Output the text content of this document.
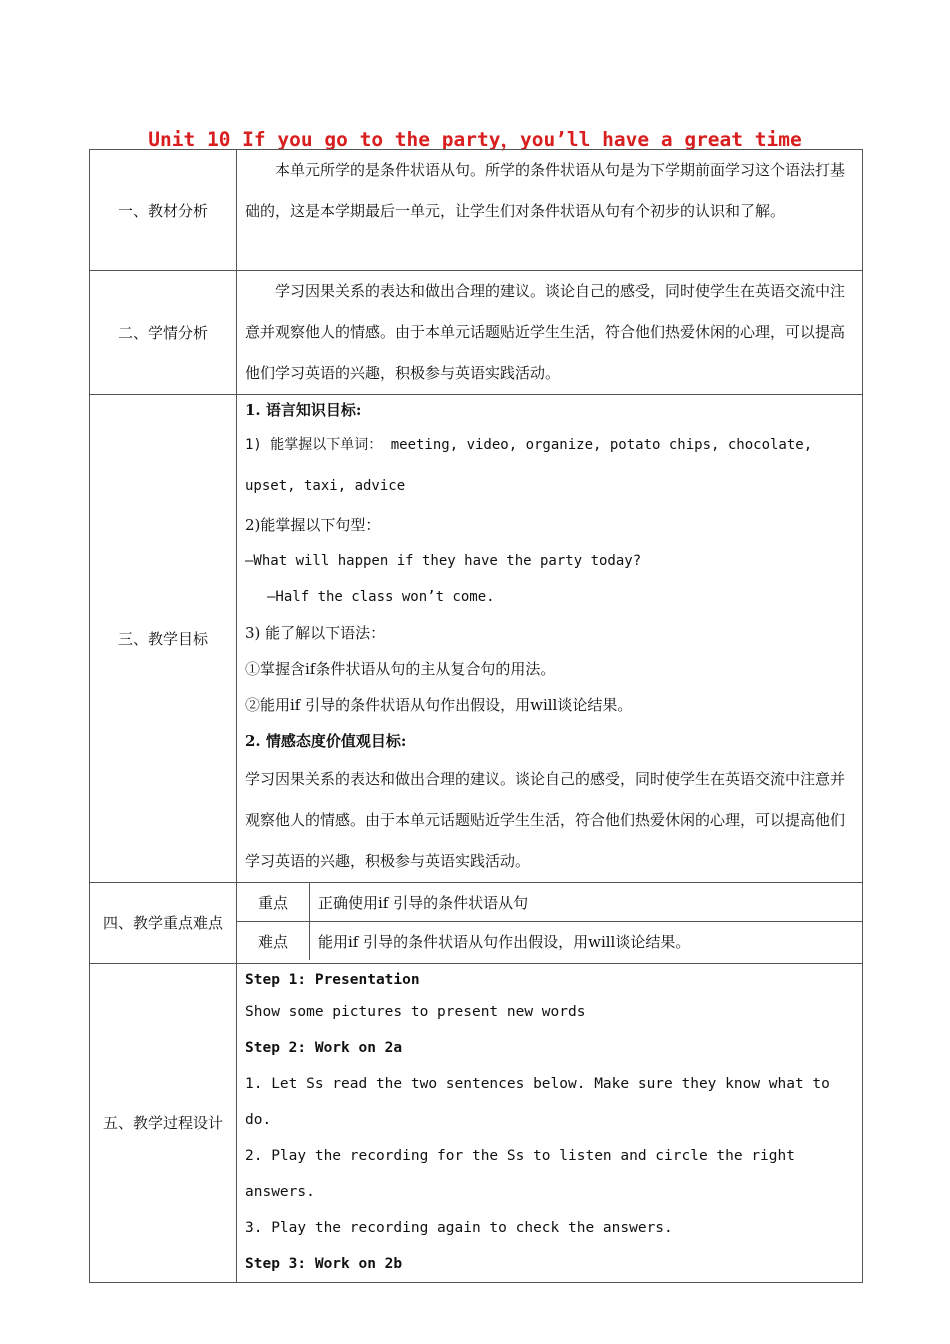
Unit 10 If you go to the party，you’ll have a great time
一、教材分析	

本单元所学的是条件状语从句。所学的条件状语从句是为下学期前面学习这个语法打基础的，这是本学期最后一单元，让学生们对条件状语从句有个初步的认识和了解。

二、学情分析	

学习因果关系的表达和做出合理的建议。谈论自己的感受，同时使学生在英语交流中注意并观察他人的情感。由于本单元话题贴近学生生活，符合他们热爱休闲的心理，可以提高他们学习英语的兴趣，积极参与英语实践活动。

三、教学目标	

1. 语言知识目标:

1) 能掌握以下单词： meeting, video, organize, potato chips, chocolate, upset, taxi, advice

2)能掌握以下句型：

—What will happen if they have the party today?

—Half the class won’t come.

3) 能了解以下语法：

①掌握含if条件状语从句的主从复合句的用法。

②能用if 引导的条件状语从句作出假设，用will谈论结果。

2. 情感态度价值观目标:

学习因果关系的表达和做出合理的建议。谈论自己的感受，同时使学生在英语交流中注意并观察他人的情感。由于本单元话题贴近学生生活，符合他们热爱休闲的心理，可以提高他们学习英语的兴趣，积极参与英语实践活动。

四、教学重点难点

重点	正确使用if 引导的条件状语从句
难点	能用if 引导的条件状语从句作出假设，用will谈论结果。

五、教学过程设计

Step 1: Presentation

Show some pictures to present new words

Step 2: Work on 2a

1. Let Ss read the two sentences below. Make sure they know what to do.

2. Play the recording for the Ss to listen and circle the right answers.

3. Play the recording again to check the answers.

Step 3: Work on 2b
